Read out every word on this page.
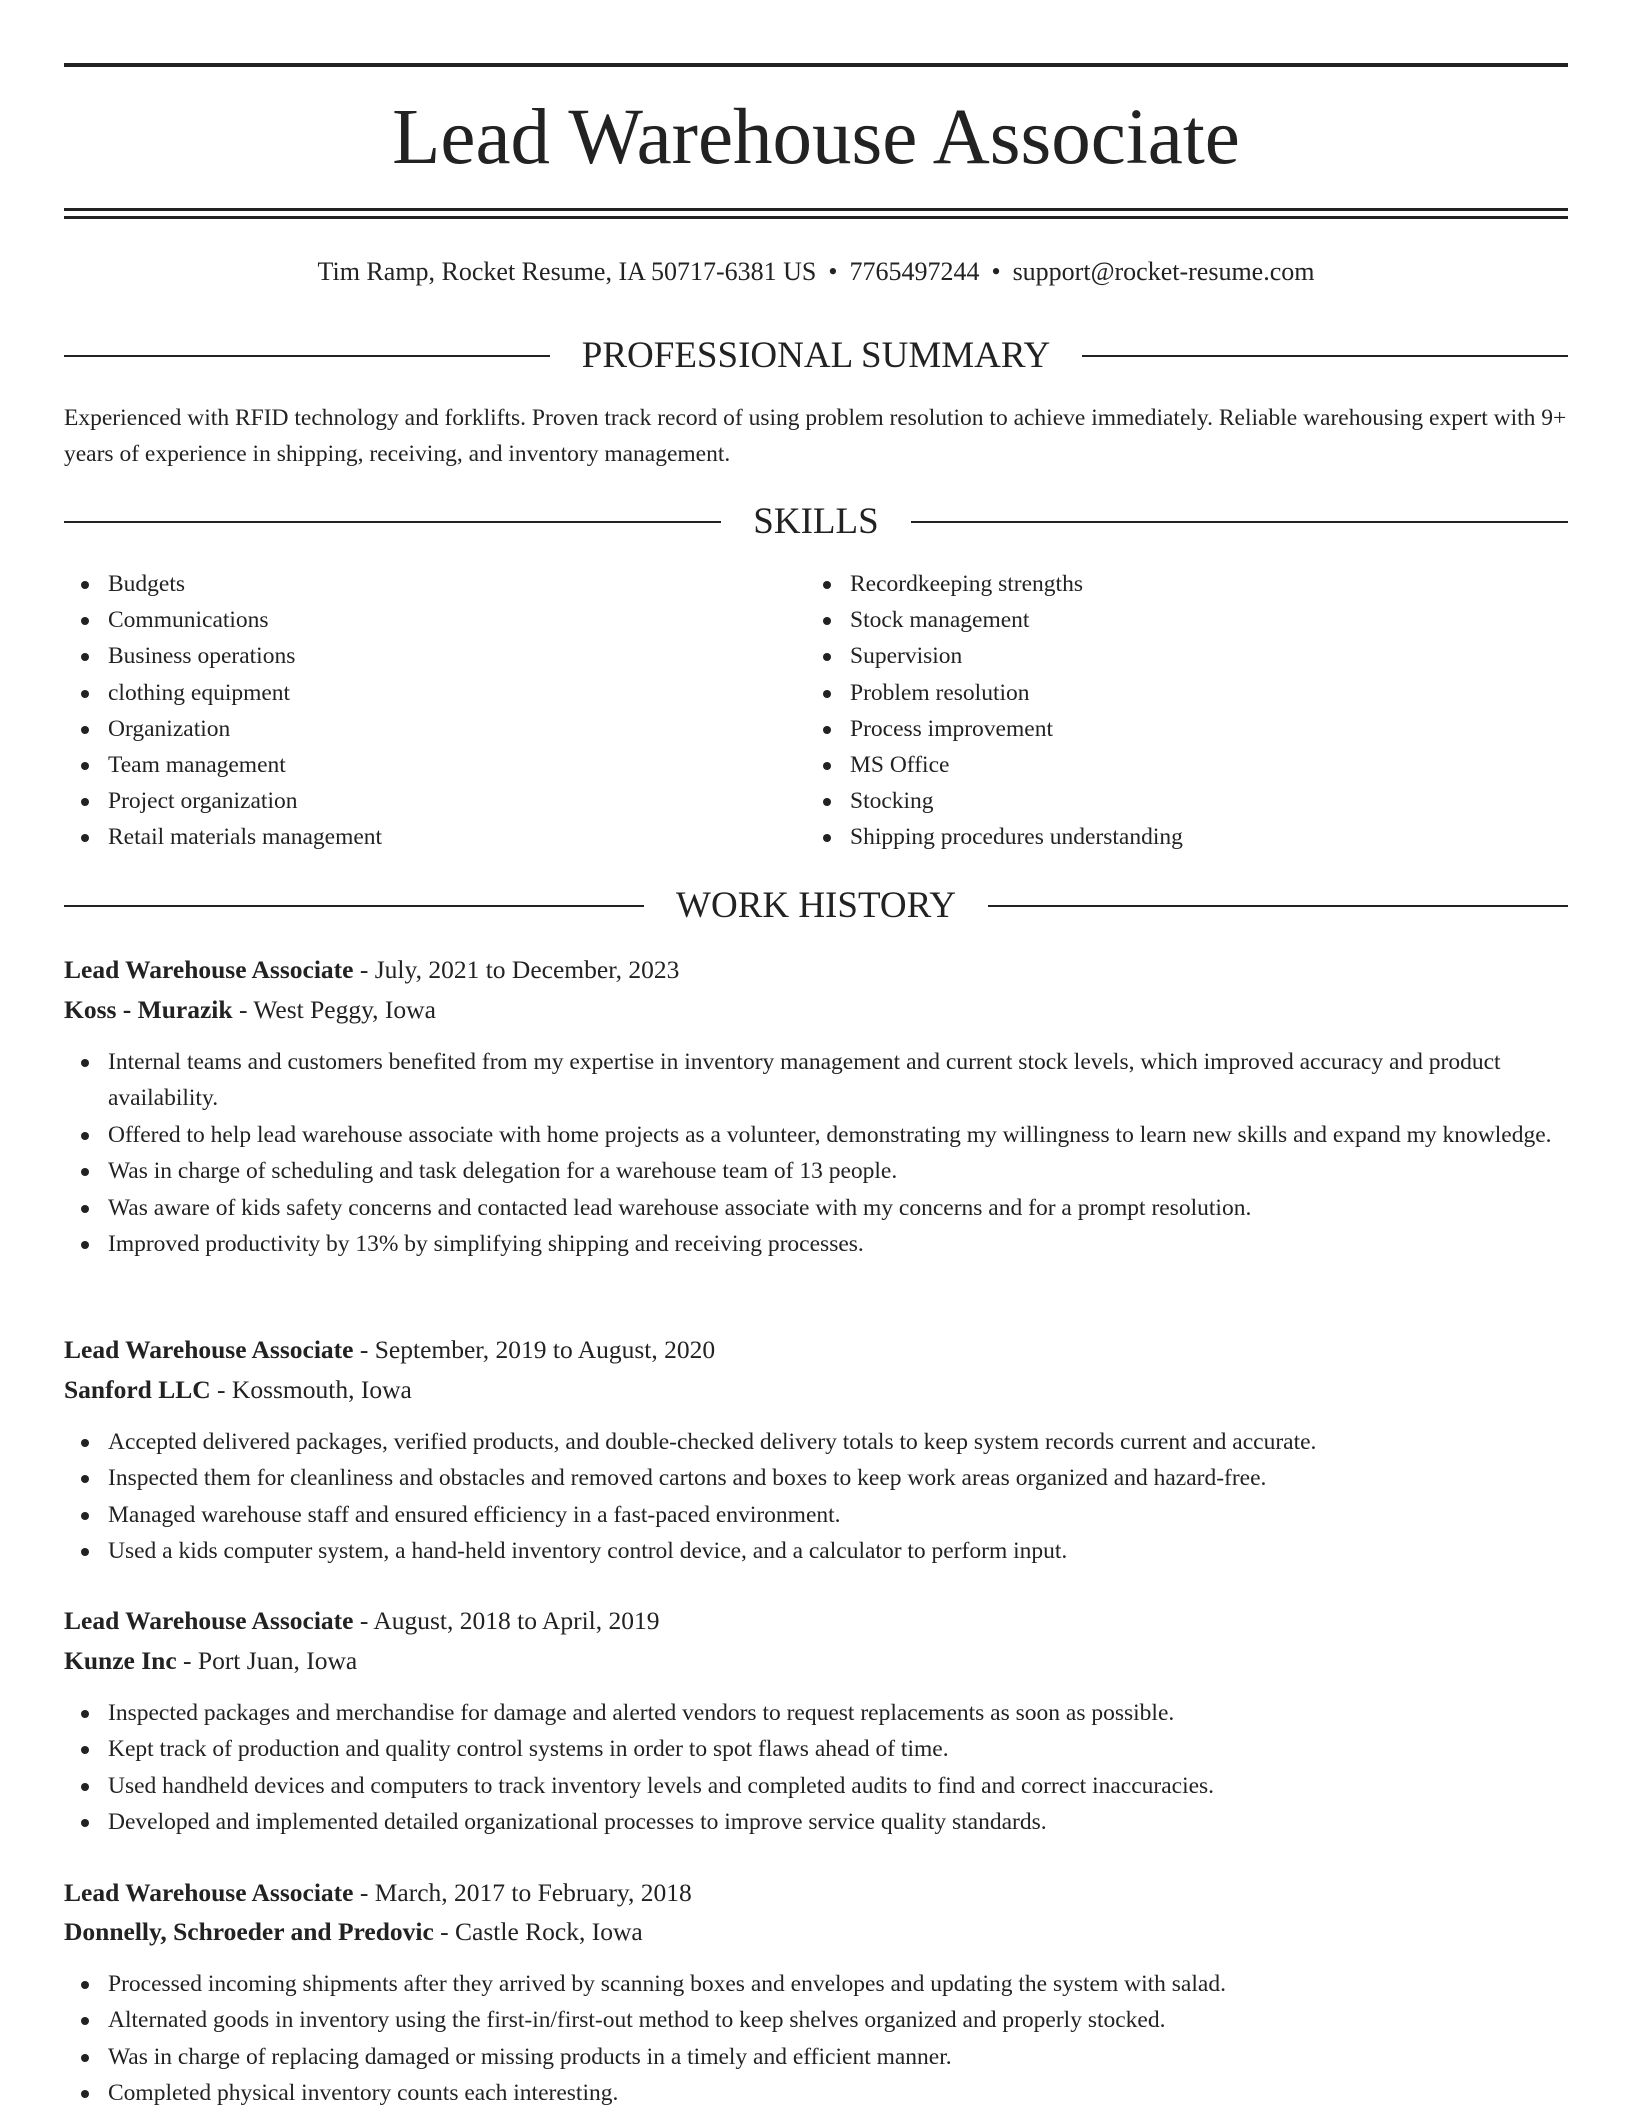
Lead Warehouse Associate
Tim Ramp, Rocket Resume, IA 50717-6381 US • 7765497244 • support@rocket-resume.com
PROFESSIONAL SUMMARY
Experienced with RFID technology and forklifts. Proven track record of using problem resolution to achieve immediately. Reliable warehousing expert with 9+ years of experience in shipping, receiving, and inventory management.
SKILLS
Budgets
Communications
Business operations
clothing equipment
Organization
Team management
Project organization
Retail materials management
Recordkeeping strengths
Stock management
Supervision
Problem resolution
Process improvement
MS Office
Stocking
Shipping procedures understanding
WORK HISTORY
Lead Warehouse Associate - July, 2021 to December, 2023
Koss - Murazik - West Peggy, Iowa
Internal teams and customers benefited from my expertise in inventory management and current stock levels, which improved accuracy and product availability.
Offered to help lead warehouse associate with home projects as a volunteer, demonstrating my willingness to learn new skills and expand my knowledge.
Was in charge of scheduling and task delegation for a warehouse team of 13 people.
Was aware of kids safety concerns and contacted lead warehouse associate with my concerns and for a prompt resolution.
Improved productivity by 13% by simplifying shipping and receiving processes.
Lead Warehouse Associate - September, 2019 to August, 2020
Sanford LLC - Kossmouth, Iowa
Accepted delivered packages, verified products, and double-checked delivery totals to keep system records current and accurate.
Inspected them for cleanliness and obstacles and removed cartons and boxes to keep work areas organized and hazard-free.
Managed warehouse staff and ensured efficiency in a fast-paced environment.
Used a kids computer system, a hand-held inventory control device, and a calculator to perform input.
Lead Warehouse Associate - August, 2018 to April, 2019
Kunze Inc - Port Juan, Iowa
Inspected packages and merchandise for damage and alerted vendors to request replacements as soon as possible.
Kept track of production and quality control systems in order to spot flaws ahead of time.
Used handheld devices and computers to track inventory levels and completed audits to find and correct inaccuracies.
Developed and implemented detailed organizational processes to improve service quality standards.
Lead Warehouse Associate - March, 2017 to February, 2018
Donnelly, Schroeder and Predovic - Castle Rock, Iowa
Processed incoming shipments after they arrived by scanning boxes and envelopes and updating the system with salad.
Alternated goods in inventory using the first-in/first-out method to keep shelves organized and properly stocked.
Was in charge of replacing damaged or missing products in a timely and efficient manner.
Completed physical inventory counts each interesting.
